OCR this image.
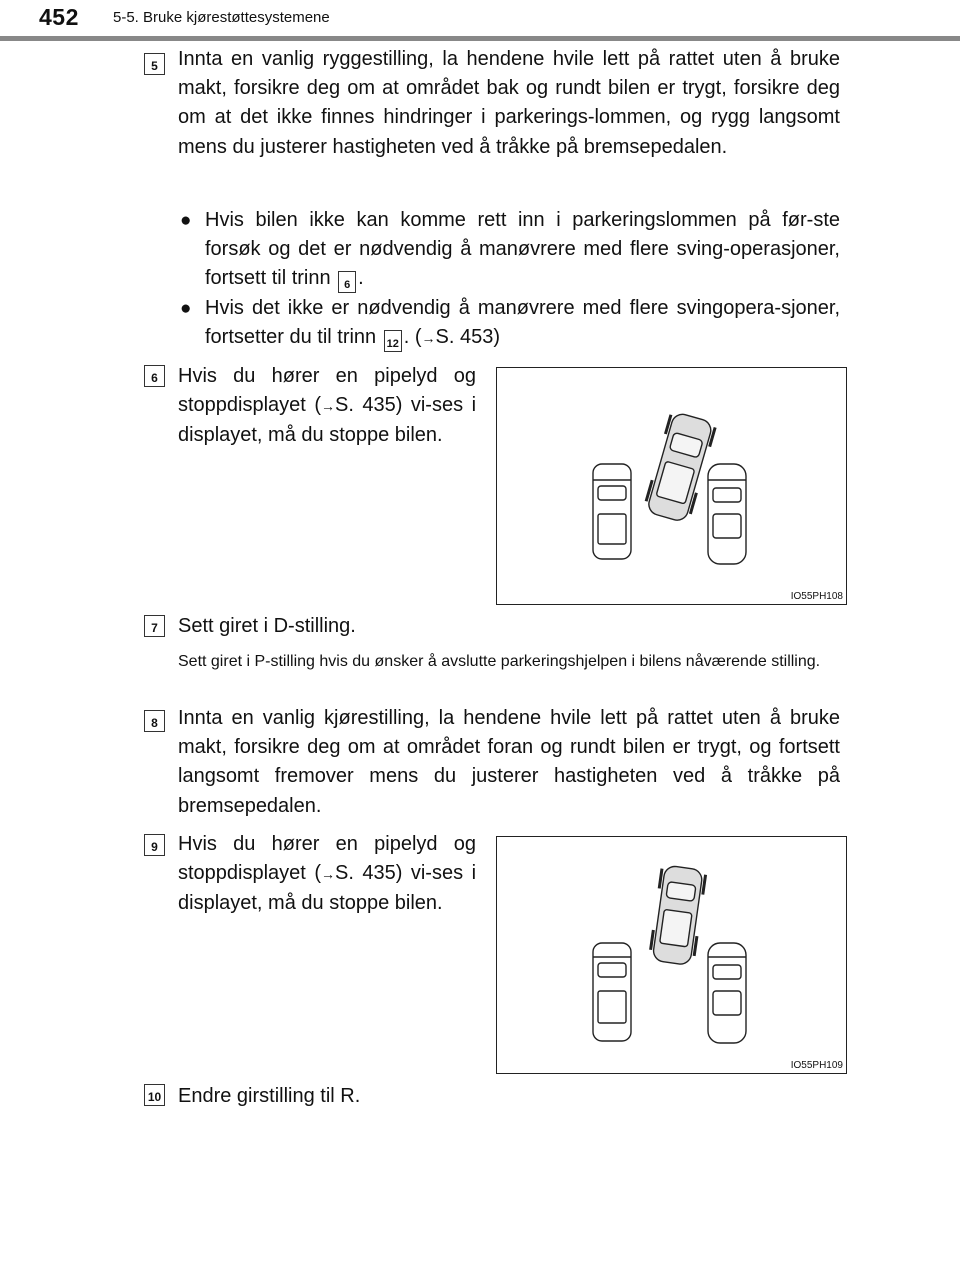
452 5-5. Bruke kjørestøttesystemene
5	Innta en vanlig ryggestilling, la hendene hvile lett på rattet uten å bruke makt, forsikre deg om at området bak og rundt bilen er trygt, forsikre deg om at det ikke finnes hindringer i parkerings-lommen, og rygg langsomt mens du justerer hastigheten ved å tråkke på bremsepedalen.
● Hvis bilen ikke kan komme rett inn i parkeringslommen på før-ste forsøk og det er nødvendig å manøvrere med flere sving-operasjoner, fortsett til trinn 6 .
● Hvis det ikke er nødvendig å manøvrere med flere svingopera-sjoner, fortsetter du til trinn 12 . (→S. 453)
6	Hvis du hører en pipelyd og stoppdisplayet (→S. 435) vi-ses i displayet, må du stoppe bilen.
IO55PH108
7	Sett giret i D-stilling.
Sett giret i P-stilling hvis du ønsker å avslutte parkeringshjelpen i bilens nåværende stilling.
8	Innta en vanlig kjørestilling, la hendene hvile lett på rattet uten å bruke makt, forsikre deg om at området foran og rundt bilen er trygt, og fortsett langsomt fremover mens du justerer hastigheten ved å tråkke på bremsepedalen.
9	Hvis du hører en pipelyd og stoppdisplayet (→S. 435) vi-ses i displayet, må du stoppe bilen.
IO55PH109
10 Endre girstilling til R.
